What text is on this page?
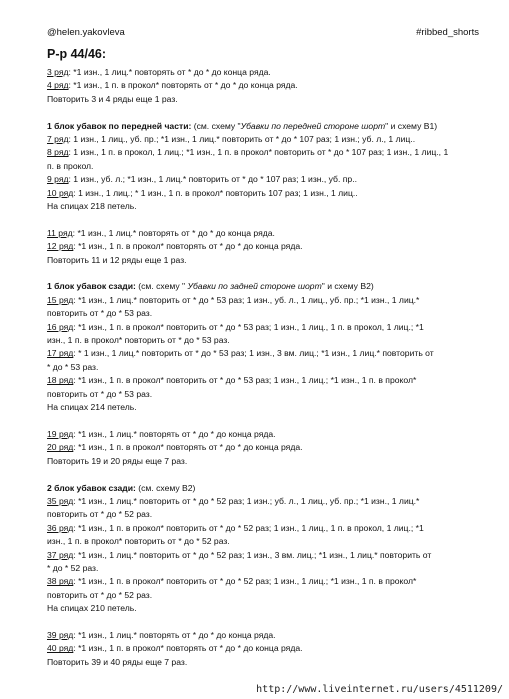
@helen.yakovleva	#ribbed_shorts
Р-р 44/46:
3 ряд: *1 изн., 1 лиц.* повторять от * до * до конца ряда.
4 ряд: *1 изн., 1 п. в прокол* повторять от * до * до конца ряда.
Повторить 3 и 4 ряды еще 1 раз.
1 блок убавок по передней части: (см. схему "Убавки по передней стороне шорт" и схему В1)
7 ряд: 1 изн., 1 лиц., уб. пр.; *1 изн., 1 лиц.* повторить от * до * 107 раз; 1 изн.; уб. л., 1 лиц..
8 ряд: 1 изн., 1 п. в прокол, 1 лиц.; *1 изн., 1 п. в прокол* повторить от * до * 107 раз; 1 изн., 1 лиц., 1
п. в прокол.
9 ряд: 1 изн., уб. л.; *1 изн., 1 лиц.* повторить от * до * 107 раз; 1 изн., уб. пр..
10 ряд: 1 изн., 1 лиц.; * 1 изн., 1 п. в прокол* повторить 107 раз; 1 изн., 1 лиц..
На спицах 218 петель.
11 ряд: *1 изн., 1 лиц.* повторять от * до * до конца ряда.
12 ряд: *1 изн., 1 п. в прокол* повторять от * до * до конца ряда.
Повторить 11 и 12 ряды еще 1 раз.
1 блок убавок сзади: (см. схему " Убавки по задней стороне шорт" и схему В2)
15 ряд: *1 изн., 1 лиц.* повторить от * до * 53 раз; 1 изн., уб. л., 1 лиц., уб. пр.; *1 изн., 1 лиц.*
повторить от * до * 53 раз.
16 ряд: *1 изн., 1 п. в прокол* повторить от * до * 53 раз; 1 изн., 1 лиц., 1 п. в прокол, 1 лиц.; *1
изн., 1 п. в прокол* повторить от * до * 53 раз.
17 ряд: * 1 изн., 1 лиц.* повторить от * до * 53 раз; 1 изн., 3 вм. лиц.; *1 изн., 1 лиц.* повторить от
* до * 53 раз.
18 ряд: *1 изн., 1 п. в прокол* повторить от * до * 53 раз; 1 изн., 1 лиц.; *1 изн., 1 п. в прокол*
повторить от * до * 53 раз.
На спицах 214 петель.
19 ряд: *1 изн., 1 лиц.* повторять от * до * до конца ряда.
20 ряд: *1 изн., 1 п. в прокол* повторять от * до * до конца ряда.
Повторить 19 и 20 ряды еще 7 раз.
2 блок убавок сзади: (см. схему В2)
35 ряд: *1 изн., 1 лиц.* повторить от * до * 52 раз; 1 изн.; уб. л., 1 лиц., уб. пр.; *1 изн., 1 лиц.*
повторить от * до * 52 раз.
36 ряд: *1 изн., 1 п. в прокол* повторить от * до * 52 раз; 1 изн., 1 лиц., 1 п. в прокол, 1 лиц.; *1
изн., 1 п. в прокол* повторить от * до * 52 раз.
37 ряд: *1 изн., 1 лиц.* повторить от * до * 52 раз; 1 изн., 3 вм. лиц.; *1 изн., 1 лиц.* повторить от
* до * 52 раз.
38 ряд: *1 изн., 1 п. в прокол* повторить от * до * 52 раз; 1 изн., 1 лиц.; *1 изн., 1 п. в прокол*
повторить от * до * 52 раз.
На спицах 210 петель.
39 ряд: *1 изн., 1 лиц.* повторять от * до * до конца ряда.
40 ряд: *1 изн., 1 п. в прокол* повторять от * до * до конца ряда.
Повторить 39 и 40 ряды еще 7 раз.
http://www.liveinternet.ru/users/4511209/
